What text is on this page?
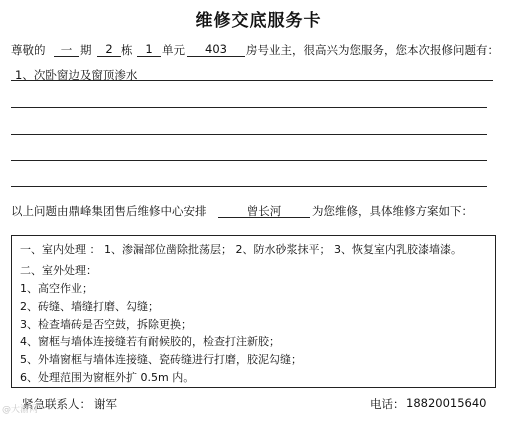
维修交底服务卡
尊敬的	一 期	2 栋	1 单元	403	房号业主，很高兴为您服务，您本次报修问题有：
1、次卧窗边及窗顶渗水
以上问题由鼎峰集团售后维修中心安排	曾长河	为您维修，具体维修方案如下：
一、室内处理 ： 1、渗漏部位凿除批荡层； 2、防水砂浆抹平； 3、恢复室内乳胶漆墙漆。
二、室外处理：
1、高空作业；
2、砖缝、墙缝打磨、勾缝；
3、检查墙砖是否空鼓，拆除更换；
4、窗框与墙体连接缝若有耐候胶的，检查打注新胶；
5、外墙窗框与墙体连接缝、瓷砖缝进行打磨，胶泥勾缝；
6、处理范围为窗框外扩 0.5m 内。
紧急联系人： 谢军	电话： 18820015640
@大渝网
